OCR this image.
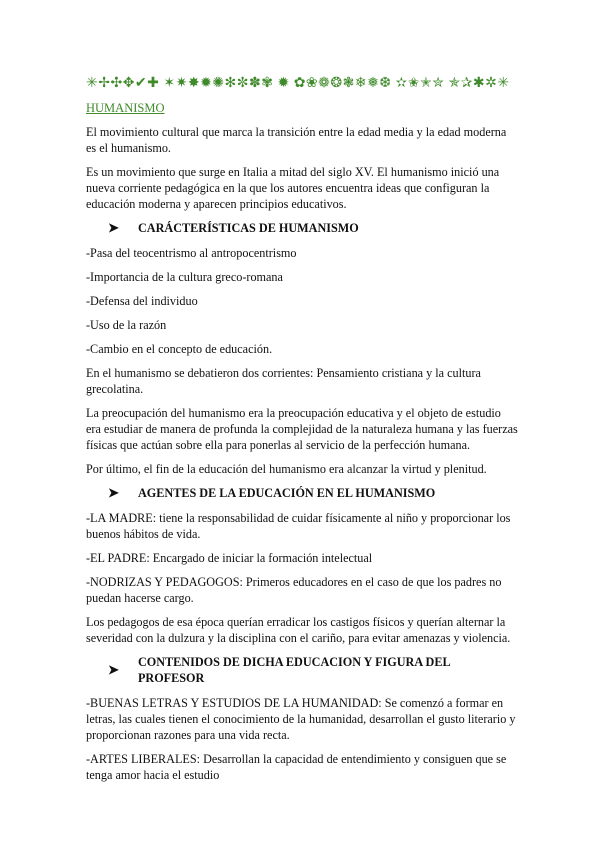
✳✢✣✥✔✚ ✶✷✸✹✺✻✼✽✾ ✹ ✿❀❁❂❃❄❅❆ ✫✬✭✮ ✯✰✱✲✳
HUMANISMO

El movimiento cultural que marca la transición entre la edad media y la edad moderna es el humanismo.

Es un movimiento que surge en Italia a mitad del siglo XV. El humanismo inició una nueva corriente pedagógica en la que los autores encuentra ideas que configuran la educación moderna y aparecen principios educativos.

➤ CARÁCTERÍSTICAS DE HUMANISMO

-Pasa del teocentrismo al antropocentrismo

-Importancia de la cultura greco-romana

-Defensa del individuo

-Uso de la razón

-Cambio en el concepto de educación.

En el humanismo se debatieron dos corrientes: Pensamiento cristiana y la cultura grecolatina.

La preocupación del humanismo era la preocupación educativa y el objeto de estudio era estudiar de manera de profunda la complejidad de la naturaleza humana y las fuerzas físicas que actúan sobre ella para ponerlas al servicio de la perfección humana.

Por último, el fin de la educación del humanismo era alcanzar la virtud y plenitud.

➤ AGENTES DE LA EDUCACIÓN EN EL HUMANISMO

-LA MADRE: tiene la responsabilidad de cuidar físicamente al niño y proporcionar los buenos hábitos de vida.

-EL PADRE: Encargado de iniciar la formación intelectual

-NODRIZAS Y PEDAGOGOS: Primeros educadores en el caso de que los padres no puedan hacerse cargo.

Los pedagogos de esa época querían erradicar los castigos físicos y querían alternar la severidad con la dulzura y la disciplina con el cariño, para evitar amenazas y violencia.

➤ CONTENIDOS DE DICHA EDUCACION Y FIGURA DEL PROFESOR

-BUENAS LETRAS Y ESTUDIOS DE LA HUMANIDAD: Se comenzó a formar en letras, las cuales tienen el conocimiento de la humanidad, desarrollan el gusto literario y proporcionan razones para una vida recta.

-ARTES LIBERALES: Desarrollan la capacidad de entendimiento y consiguen que se tenga amor hacia el estudio
